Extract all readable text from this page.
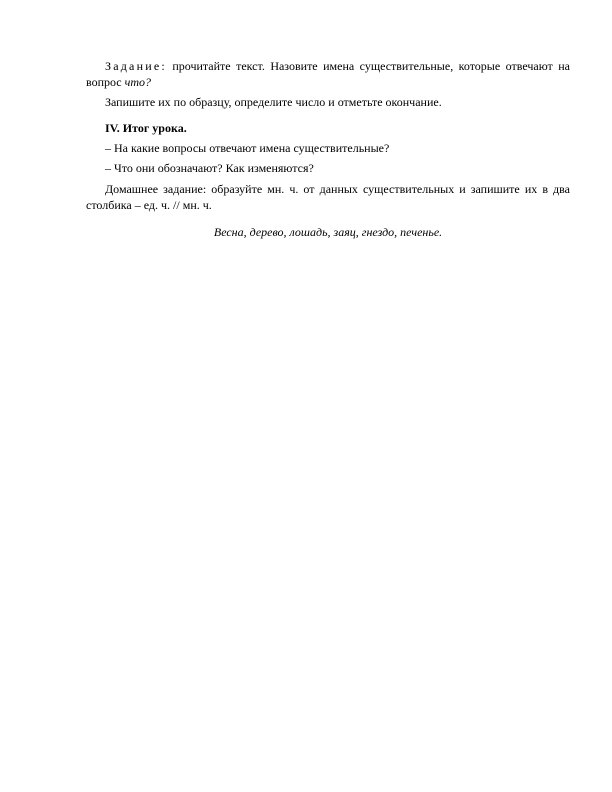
Задание: прочитайте текст. Назовите имена существительные, которые отвечают на вопрос что?

Запишите их по образцу, определите число и отметьте окончание.

IV. Итог урока.

– На какие вопросы отвечают имена существительные?

– Что они обозначают? Как изменяются?

Домашнее задание: образуйте мн. ч. от данных существительных и запишите их в два столбика – ед. ч. // мн. ч.

Весна, дерево, лошадь, заяц, гнездо, печенье.
